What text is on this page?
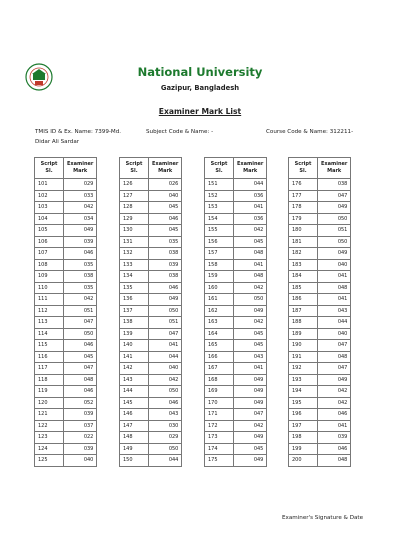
National University
Gazipur, Bangladesh
Examiner Mark List
TMIS ID & Ex. Name: 7399-Md.
Didar Ali Sardar
Subject Code & Name: -	Course Code & Name: 312211-
Script
Sl.	Examiner
Mark
101	029
102	033
103	042
104	034
105	049
106	039
107	046
108	035
109	038
110	035
111	042
112	051
113	047
114	050
115	046
116	045
117	047
118	048
119	046
120	052
121	039
122	037
123	022
124	039
125	040
Script
Sl.	Examiner
Mark
126	026
127	040
128	045
129	046
130	045
131	035
132	038
133	039
134	038
135	046
136	049
137	050
138	051
139	047
140	041
141	044
142	040
143	042
144	050
145	046
146	043
147	030
148	029
149	050
150	044
Script
Sl.	Examiner
Mark
151	044
152	036
153	041
154	036
155	042
156	045
157	048
158	041
159	048
160	042
161	050
162	049
163	042
164	045
165	045
166	043
167	041
168	049
169	049
170	049
171	047
172	042
173	049
174	045
175	049
Script
Sl.	Examiner
Mark
176	038
177	047
178	049
179	050
180	051
181	050
182	049
183	040
184	041
185	048
186	041
187	043
188	044
189	040
190	047
191	048
192	047
193	049
194	042
195	042
196	046
197	041
198	039
199	046
200	048
Examiner's Signature & Date
